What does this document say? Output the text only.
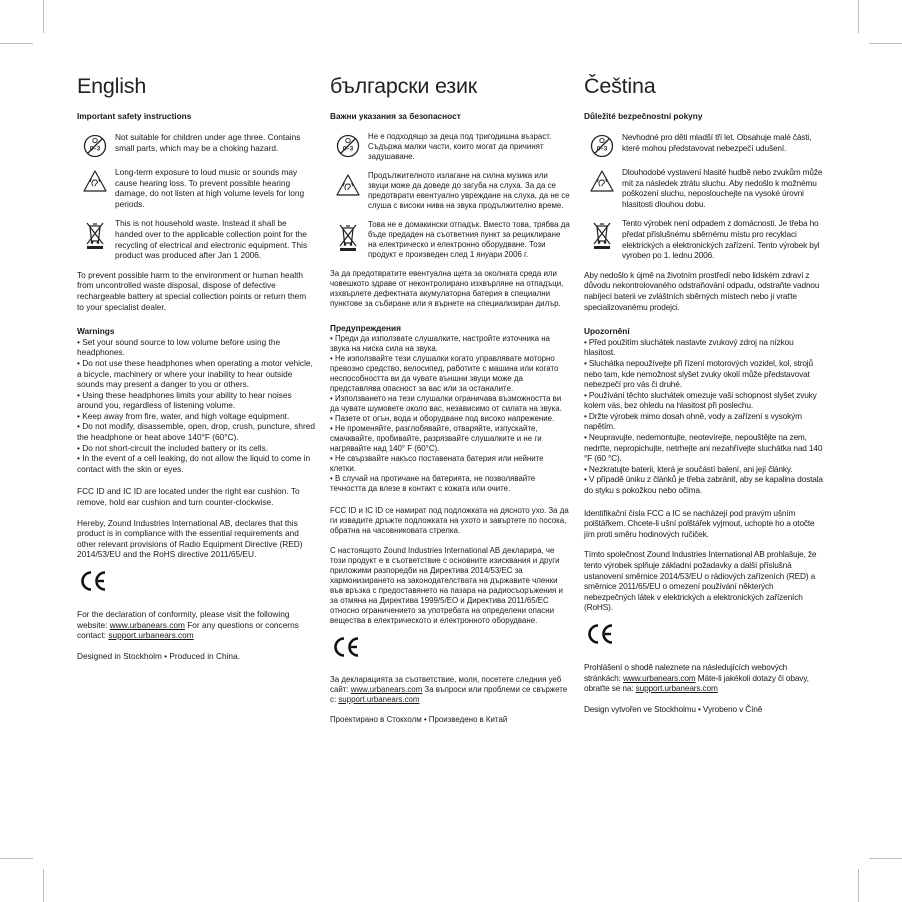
English
Important safety instructions
0–3
Not suitable for children under age three. Contains small parts, which may be a choking hazard.
Long-term exposure to loud music or sounds may cause hearing loss. To prevent possible hearing damage, do not listen at high volume levels for long periods.
This is not household waste. Instead it shall be handed over to the applicable collection point for the recycling of electrical and electronic equipment. This product was produced after Jan 1 2006.

To prevent possible harm to the environment or human health from uncontrolled waste disposal, dispose of defective rechargeable battery at special collection points or return them to your specialist dealer.

Warnings
• Set your sound source to low volume before using the headphones.
• Do not use these headphones when operating a motor vehicle, a bicycle, machinery or where your inability to hear outside sounds may present a danger to you or others.
• Using these headphones limits your ability to hear noises around you, regardless of listening volume.
• Keep away from fire, water, and high voltage equipment.
• Do not modify, disassemble, open, drop, crush, puncture, shred the headphone or heat above 140°F (60°C).
• Do not short-circuit the included battery or its cells.
• In the event of a cell leaking, do not allow the liquid to come in contact with the skin or eyes.

FCC ID and IC ID are located under the right ear cushion. To remove, hold ear cushion and turn counter-clockwise.

Hereby, Zound Industries International AB, declares that this product is in compliance with the essential requirements and other relevant provisions of Radio Equipment Directive (RED) 2014/53/EU and the RoHS directive 2011/65/EU.

For the declaration of conformity, please visit the following website: www.urbanears.com For any questions or concerns contact: support.urbanears.com

Designed in Stockholm • Produced in China.

български език
Важни указания за безопасност
0–3
Не е подходящо за деца под тригодишна възраст. Съдържа малки части, които могат да причинят задушаване.
Продължителното излагане на силна музика или звуци може да доведе до загуба на слуха. За да се предотврати евентуално увреждане на слуха, да не се слуша с високи нива на звука продължително време.
Това не е домакински отпадък. Вместо това, трябва да бъде предаден на съответния пункт за рециклиране на електрическо и електронно оборудване. Този продукт е произведен след 1 януари 2006 г.

За да предотвратите евентуална щета за околната среда или човешкото здраве от неконтролирано изхвърляне на отпадъци, изхвърлете дефектната акумулаторна батерия в специални пунктове за събиране или я върнете на специализиран дилър.

Предупреждения
• Преди да използвате слушалките, настройте източника на звука на ниска сила на звука.
• Не използвайте тези слушалки когато управлявате моторно превозно средство, велосипед, работите с машина или когато неспособността ви да чувате външни звуци може да представлява опасност за вас или за останалите.
• Използването на тези слушалки ограничава възможността ви да чувате шумовете около вас, независимо от силата на звука.
• Пазете от огън, вода и оборудване под високо напрежение.
• Не променяйте, разглобявайте, отваряйте, изпускайте, смачквайте, пробивайте, разрязвайте слушалките и не ги нагрявайте над 140° F (60°C).
• Не свързвайте накъсо поставената батерия или нейните клетки.
• В случай на протичане на батерията, не позволявайте течността да влезе в контакт с кожата или очите.

FCC ID и IC ID се намират под подложката на дясното ухо. За да ги извадите дръжте подложката на ухото и завъртете по посока, обратна на часовниковата стрелка.

С настоящото Zound Industries International AB декларира, че този продукт е в съответствие с основните изисквания и други приложими разпоредби на Директива 2014/53/ЕС за хармонизирането на законодателствата на държавите членки във връзка с предоставянето на пазара на радиосъоръжения и за отмяна на Директива 1999/5/ЕО и Директива 2011/65/ЕС относно ограничението за употребата на определени опасни вещества в електрическото и електронното оборудване.

За декларацията за съответствие, моля, посетете следния уеб сайт: www.urbanears.com За въпроси или проблеми се свържете с: support.urbanears.com

Проектирано в Стокхолм • Произведено в Китай

Čeština
Důležité bezpečnostní pokyny
0–3
Nevhodné pro děti mladší tří let. Obsahuje malé části, které mohou představovat nebezpečí udušení.
Dlouhodobé vystavení hlasité hudbě nebo zvukům může mít za následek ztrátu sluchu. Aby nedošlo k možnému poškození sluchu, neposlouchejte na vysoké úrovni hlasitosti dlouhou dobu.
Tento výrobek není odpadem z domácnosti. Je třeba ho předat příslušnému sběrnému místu pro recyklaci elektrických a elektronických zařízení. Tento výrobek byl vyroben po 1. lednu 2006.

Aby nedošlo k újmě na životním prostředí nebo lidském zdraví z důvodu nekontrolovaného odstraňování odpadu, odstraňte vadnou nabíjecí baterii ve zvláštních sběrných místech nebo ji vraťte specializovanému prodejci.

Upozornění
• Před použitím sluchátek nastavte zvukový zdroj na nízkou hlasitost.
• Sluchátka nepoužívejte při řízení motorových vozidel, kol, strojů nebo tam, kde nemožnost slyšet zvuky okolí může představovat nebezpečí pro vás či druhé.
• Používání těchto sluchátek omezuje vaši schopnost slyšet zvuky kolem vás, bez ohledu na hlasitost při poslechu.
• Držte výrobek mimo dosah ohně, vody a zařízení s vysokým napětím.
• Neupravujte, nedemontujte, neotevírejte, nepouštějte na zem, nedrťte, nepropichujte, netrhejte ani nezahřívejte sluchátka nad 140 °F (60 °C).
• Nezkratujte baterii, která je součástí balení, ani její články.
• V případě úniku z článků je třeba zabránit, aby se kapalina dostala do styku s pokožkou nebo očima.

Identifikační čísla FCC a IC se nacházejí pod pravým ušním polštářkem. Chcete-li ušní polštářek vyjmout, uchopte ho a otočte jím proti směru hodinových ručiček.

Tímto společnost Zound Industries International AB prohlašuje, že tento výrobek splňuje základní požadavky a další příslušná ustanovení směrnice 2014/53/EU o rádiových zařízeních (RED) a směrnice 2011/65/EU o omezení používání některých nebezpečných látek v elektrických a elektronických zařízeních (RoHS).

Prohlášení o shodě naleznete na následujících webových stránkách: www.urbanears.com Máte-li jakékoli dotazy či obavy, obraťte se na: support.urbanears.com

Design vytvořen ve Stockholmu • Vyrobeno v Číně
